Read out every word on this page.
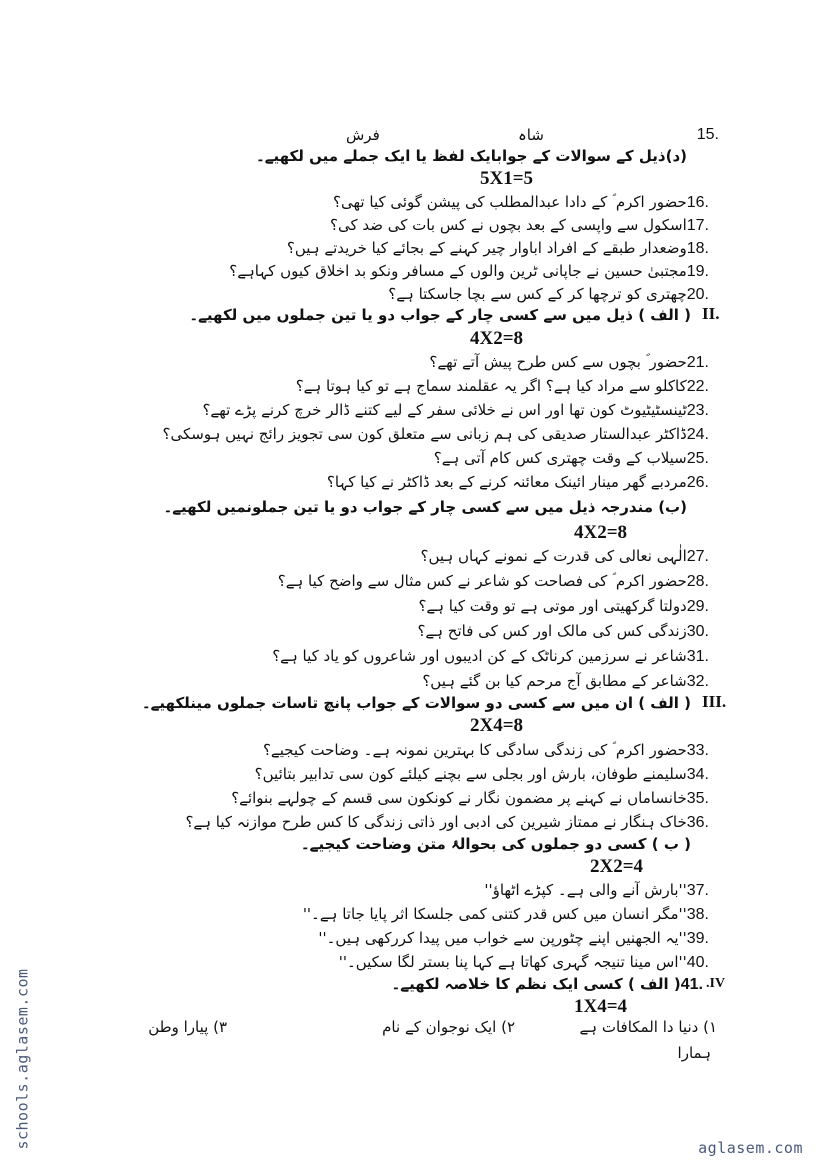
15.
شاہ
فرش
(د)ذیل کے سوالات کے جوابایک لفظ یا ایک جملے میں لکھیے۔
5X1=5
16.حضور اکرم ؐ کے دادا عبدالمطلب کی پیشن گوئی کیا تھی؟
17.اسکول سے واپسی کے بعد بچوں نے کس بات کی ضد کی؟
18.وضعدار طبقے کے افراد اباوار چیر کہنے کے بجائے کیا خریدتے ہیں؟
19.مجتبیٰ حسین نے جاپانی ٹرین والوں کے مسافر ونکو بد اخلاق کیوں کہاہے؟
20.چھتری کو ترچھا کر کے کس سے بچا جاسکتا ہے؟
II.
( الف ) ذیل میں سے کسی چار کے جواب دو یا تین جملوں میں لکھیے۔
4X2=8
21.حضور ؐ بچوں سے کس طرح پیش آتے تھے؟
22.کاکلو سے مراد کیا ہے؟ اگر یہ عقلمند سماج ہے تو کیا ہوتا ہے؟
23.ٹینسٹیٹیوٹ کون تھا اور اس نے خلائی سفر کے لیے کتنے ڈالر خرچ کرنے پڑے تھے؟
24.ڈاکٹر عبدالستار صدیقی کی ہم زبانی سے متعلق کون سی تجویز رائج نہیں ہوسکی؟
25.سیلاب کے وقت چھتری کس کام آتی ہے؟
26.مردبے گھر مینار ائینک معائنہ کرنے کے بعد ڈاکٹر نے کیا کہا؟
(ب) مندرجہ ذیل میں سے کسی چار کے جواب دو یا تین جملونمیں لکھیے۔
4X2=8
27.الٰہی نعالی کی قدرت کے نمونے کہاں ہیں؟
28.حضور اکرم ؐ کی فصاحت کو شاعر نے کس مثال سے واضح کیا ہے؟
29.دولتا گرکھیتی اور موتی ہے تو وقت کیا ہے؟
30.زندگی کس کی مالک اور کس کی فاتح ہے؟
31.شاعر نے سرزمین کرناٹک کے کن ادیبوں اور شاعروں کو یاد کیا ہے؟
32.شاعر کے مطابق آج مرحم کیا بن گئے ہیں؟
III.
( الف ) ان میں سے کسی دو سوالات کے جواب پانچ تاسات جملوں مینلکھیے۔
2X4=8
33.حضور اکرم ؐ کی زندگی سادگی کا بہترین نمونہ ہے۔ وضاحت کیجیے؟
34.سلیمنے طوفان، بارش اور بجلی سے بچنے کیلئے کون سی تدابیر بتائیں؟
35.خانساماں نے کہنے پر مضمون نگار نے کونکون سی قسم کے چولہے بنوائے؟
36.خاک ہنگار نے ممتاز شیرین کی ادبی اور ذاتی زندگی کا کس طرح موازنہ کیا ہے؟
( ب ) کسی دو جملوں کی بحوالۂ متن وضاحت کیجیے۔
2X2=4
37.''بارش آنے والی ہے۔ کپڑے اٹھاؤ''
38.''مگر انسان میں کس قدر کتنی کمی جلسکا اثر پایا جاتا ہے۔''
39.''یہ الجھنیں اپنے چٹورپن سے خواب میں پیدا کررکھی ہیں۔''
40.''اس مینا تنیجہ گہری کھاتا ہے کہا پنا بستر لگا سکیں۔''
.IV
41.( الف ) کسی ایک نظم کا خلاصہ لکھیے۔
1X4=4
۱) دنیا دا المکافات ہے
۲) ایک نوجوان کے نام
۳) پیارا وطن
ہمارا
schools.aglasem.com	aglasem.com
